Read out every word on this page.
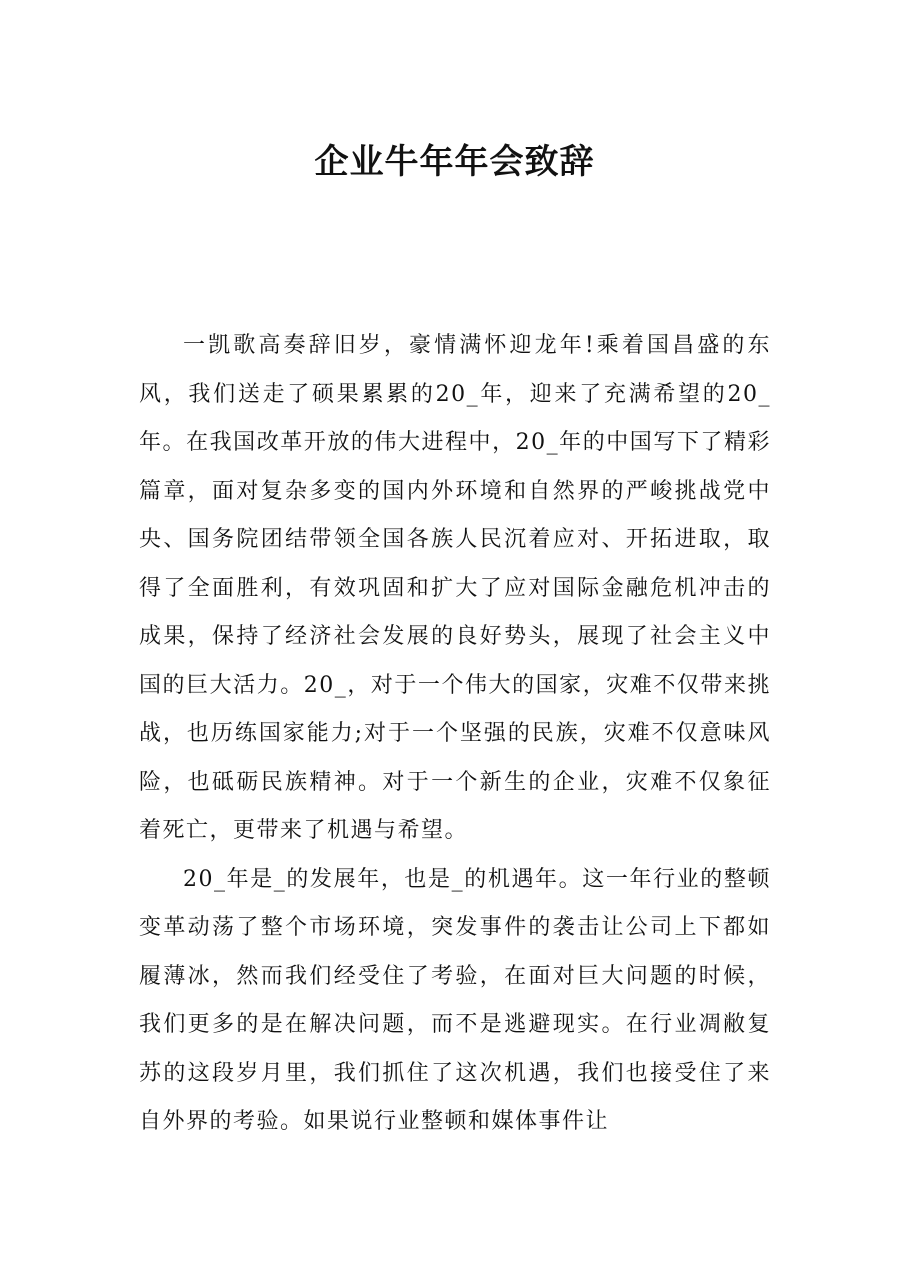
企业牛年年会致辞

一凯歌高奏辞旧岁，豪情满怀迎龙年!乘着国昌盛的东风，我们送走了硕果累累的20_年，迎来了充满希望的20_年。在我国改革开放的伟大进程中，20_年的中国写下了精彩篇章，面对复杂多变的国内外环境和自然界的严峻挑战党中央、国务院团结带领全国各族人民沉着应对、开拓进取，取得了全面胜利，有效巩固和扩大了应对国际金融危机冲击的成果，保持了经济社会发展的良好势头，展现了社会主义中国的巨大活力。20_，对于一个伟大的国家，灾难不仅带来挑战，也历练国家能力;对于一个坚强的民族，灾难不仅意味风险，也砥砺民族精神。对于一个新生的企业，灾难不仅象征着死亡，更带来了机遇与希望。

20_年是_的发展年，也是_的机遇年。这一年行业的整顿变革动荡了整个市场环境，突发事件的袭击让公司上下都如履薄冰，然而我们经受住了考验，在面对巨大问题的时候，我们更多的是在解决问题，而不是逃避现实。在行业凋敝复苏的这段岁月里，我们抓住了这次机遇，我们也接受住了来自外界的考验。如果说行业整顿和媒体事件让
